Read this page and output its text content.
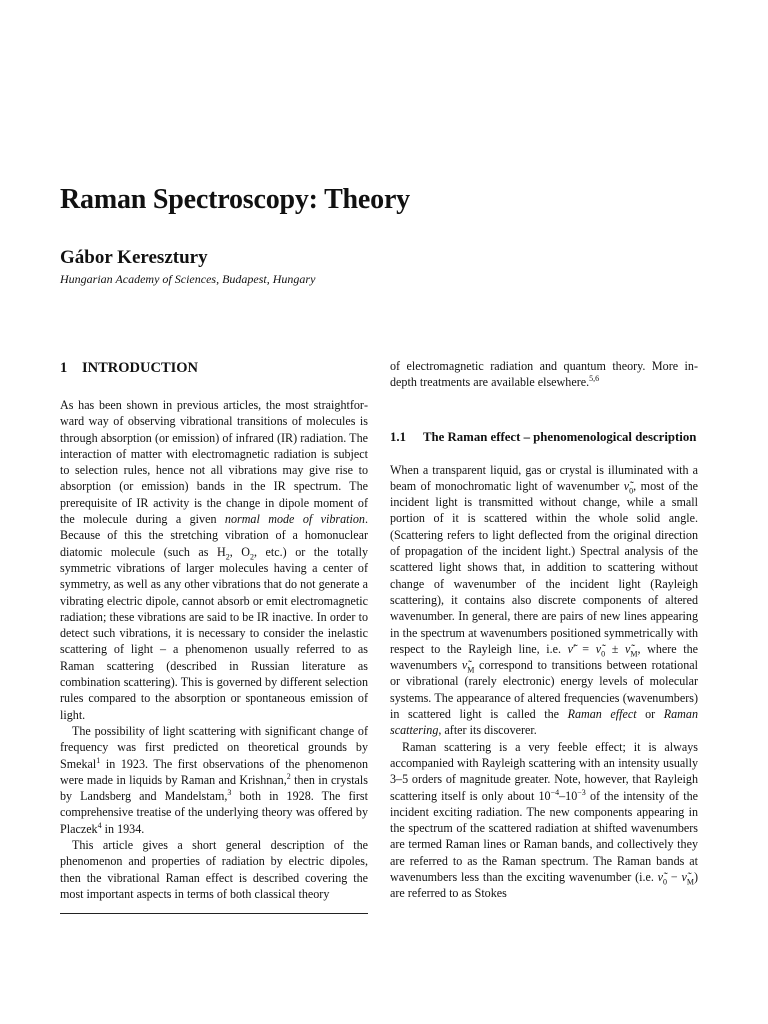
Raman Spectroscopy: Theory
Gábor Keresztury
Hungarian Academy of Sciences, Budapest, Hungary
1	INTRODUCTION

As has been shown in previous articles, the most straightforward way of observing vibrational transitions of molecules is through absorption (or emission) of infrared (IR) radiation. The interaction of matter with electromagnetic radiation is subject to selection rules, hence not all vibrations may give rise to absorption (or emission) bands in the IR spectrum. The prerequisite of IR activity is the change in dipole moment of the molecule during a given normal mode of vibration. Because of this the stretching vibration of a homonuclear diatomic molecule (such as $H_2$, $O_2$, etc.) or the totally symmetric vibrations of larger molecules having a center of symmetry, as well as any other vibrations that do not generate a vibrating electric dipole, cannot absorb or emit electromagnetic radiation; these vibrations are said to be IR inactive. In order to detect such vibrations, it is necessary to consider the inelastic scattering of light – a phenomenon usually referred to as Raman scattering (described in Russian literature as combination scattering). This is governed by different selection rules compared to the absorption or spontaneous emission of light.

The possibility of light scattering with significant change of frequency was first predicted on theoretical grounds by Smekal$^1$ in 1923. The first observations of the phenomenon were made in liquids by Raman and Krishnan,$^2$ then in crystals by Landsberg and Mandelstam,$^3$ both in 1928. The first comprehensive treatise of the underlying theory was offered by Placzek$^4$ in 1934.

This article gives a short general description of the phenomenon and properties of radiation by electric dipoles, then the vibrational Raman effect is described covering the most important aspects in terms of both classical theory

of electromagnetic radiation and quantum theory. More in-depth treatments are available elsewhere.$^{5,6}$

1.1	The Raman effect – phenomenological description

When a transparent liquid, gas or crystal is illuminated with a beam of monochromatic light of wavenumber $\nũ_0$, most of the incident light is transmitted without change, while a small portion of it is scattered within the whole solid angle. (Scattering refers to light deflected from the original direction of propagation of the incident light.) Spectral analysis of the scattered light shows that, in addition to scattering without change of wavenumber of the incident light (Rayleigh scattering), it contains also discrete components of altered wavenumber. In general, there are pairs of new lines appearing in the spectrum at wavenumbers positioned symmetrically with respect to the Rayleigh line, i.e. ν̃′ = $\nũ_0$ ± $\nũ_M$, where the wavenumbers $\nũ_M$ correspond to transitions between rotational or vibrational (rarely electronic) energy levels of molecular systems. The appearance of altered frequencies (wavenumbers) in scattered light is called the Raman effect or Raman scattering, after its discoverer.

Raman scattering is a very feeble effect; it is always accompanied with Rayleigh scattering with an intensity usually 3–5 orders of magnitude greater. Note, however, that Rayleigh scattering itself is only about $10^{-4}-10^{-3}$ of the intensity of the incident exciting radiation. The new components appearing in the spectrum of the scattered radiation at shifted wavenumbers are termed Raman lines or Raman bands, and collectively they are referred to as the Raman spectrum. The Raman bands at wavenumbers less than the exciting wavenumber (i.e. $\nũ_0$ − $\nũ_M$) are referred to as Stokes
